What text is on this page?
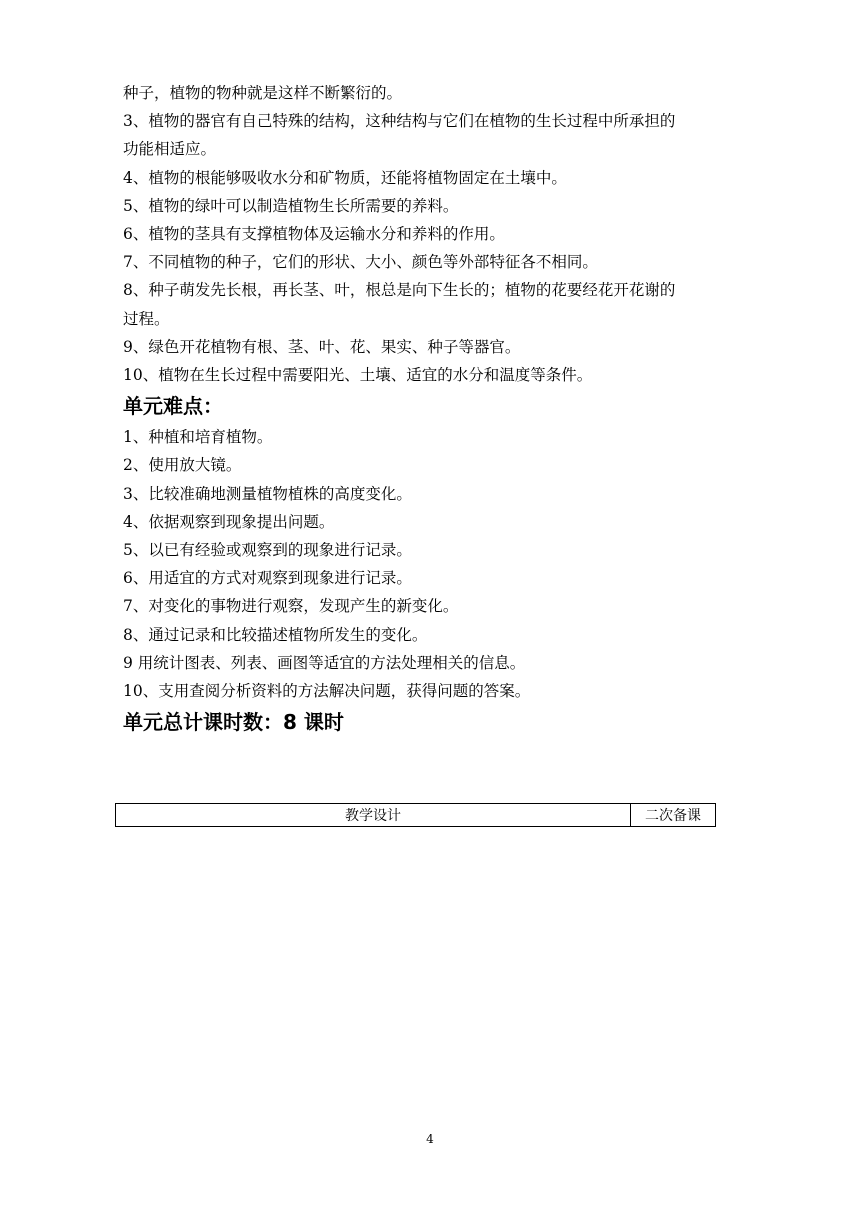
种子，植物的物种就是这样不断繁衍的。
3、植物的器官有自己特殊的结构，这种结构与它们在植物的生长过程中所承担的
功能相适应。
4、植物的根能够吸收水分和矿物质，还能将植物固定在土壤中。
5、植物的绿叶可以制造植物生长所需要的养料。
6、植物的茎具有支撑植物体及运输水分和养料的作用。
7、不同植物的种子，它们的形状、大小、颜色等外部特征各不相同。
8、种子萌发先长根，再长茎、叶，根总是向下生长的；植物的花要经花开花谢的
过程。
9、绿色开花植物有根、茎、叶、花、果实、种子等器官。
10、植物在生长过程中需要阳光、土壤、适宜的水分和温度等条件。
单元难点：
1、种植和培育植物。
2、使用放大镜。
3、比较准确地测量植物植株的高度变化。
4、依据观察到现象提出问题。
5、以已有经验或观察到的现象进行记录。
6、用适宜的方式对观察到现象进行记录。
7、对变化的事物进行观察，发现产生的新变化。
8、通过记录和比较描述植物所发生的变化。
9 用统计图表、列表、画图等适宜的方法处理相关的信息。
10、支用查阅分析资料的方法解决问题，获得问题的答案。
单元总计课时数：8 课时
教学设计	二次备课
4
